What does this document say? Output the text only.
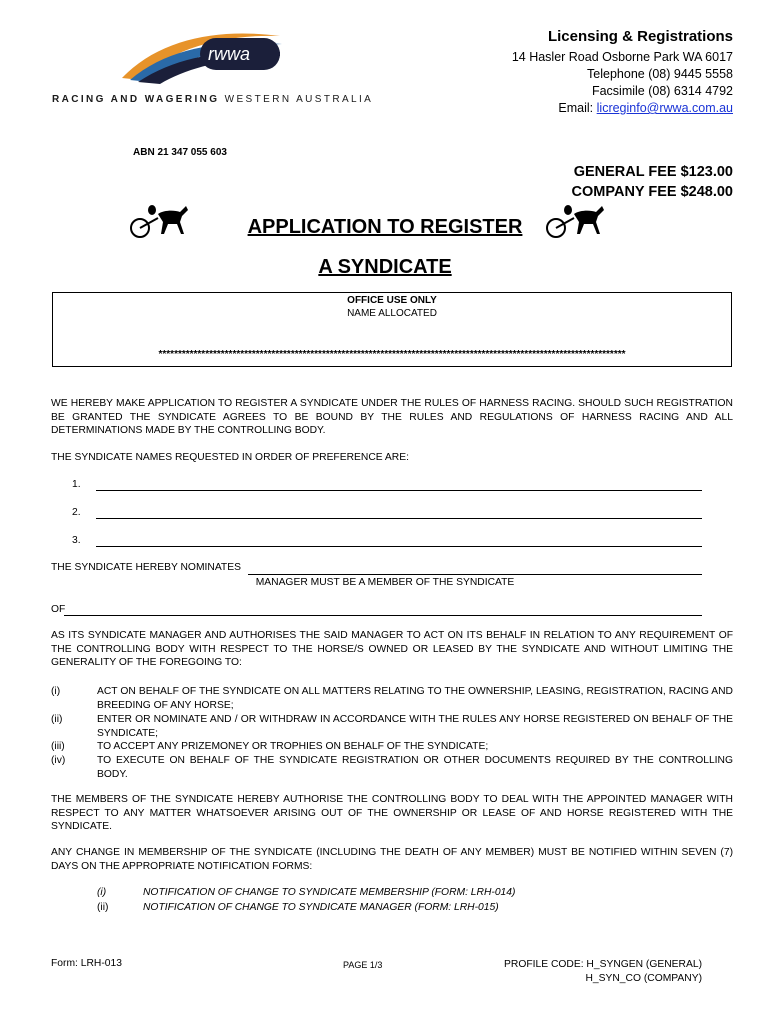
rwwa
RACING AND WAGERING WESTERN AUSTRALIA
Licensing & Registrations
14 Hasler Road Osborne Park WA 6017
Telephone (08) 9445 5558
Facsimile (08) 6314 4792
Email: licreginfo@rwwa.com.au
ABN 21 347 055 603
GENERAL FEE $123.00
COMPANY FEE $248.00
APPLICATION TO REGISTER
A SYNDICATE
OFFICE USE ONLY
NAME ALLOCATED
************************************************************************************************************************
WE HEREBY MAKE APPLICATION TO REGISTER A SYNDICATE UNDER THE RULES OF HARNESS RACING. SHOULD SUCH REGISTRATION BE GRANTED THE SYNDICATE AGREES TO BE BOUND BY THE RULES AND REGULATIONS OF HARNESS RACING AND ALL DETERMINATIONS MADE BY THE CONTROLLING BODY.
THE SYNDICATE NAMES REQUESTED IN ORDER OF PREFERENCE ARE:
1.
2.
3.
THE SYNDICATE HEREBY NOMINATES
MANAGER MUST BE A MEMBER OF THE SYNDICATE
OF
AS ITS SYNDICATE MANAGER AND AUTHORISES THE SAID MANAGER TO ACT ON ITS BEHALF IN RELATION TO ANY REQUIREMENT OF THE CONTROLLING BODY WITH RESPECT TO THE HORSE/S OWNED OR LEASED BY THE SYNDICATE AND WITHOUT LIMITING THE GENERALITY OF THE FOREGOING TO:
(i)	ACT ON BEHALF OF THE SYNDICATE ON ALL MATTERS RELATING TO THE OWNERSHIP, LEASING, REGISTRATION, RACING AND BREEDING OF ANY HORSE;
(ii)	ENTER OR NOMINATE AND / OR WITHDRAW IN ACCORDANCE WITH THE RULES ANY HORSE REGISTERED ON BEHALF OF THE SYNDICATE;
(iii)	TO ACCEPT ANY PRIZEMONEY OR TROPHIES ON BEHALF OF THE SYNDICATE;
(iv)	TO EXECUTE ON BEHALF OF THE SYNDICATE REGISTRATION OR OTHER DOCUMENTS REQUIRED BY THE CONTROLLING BODY.
THE MEMBERS OF THE SYNDICATE HEREBY AUTHORISE THE CONTROLLING BODY TO DEAL WITH THE APPOINTED MANAGER WITH RESPECT TO ANY MATTER WHATSOEVER ARISING OUT OF THE OWNERSHIP OR LEASE OF AND HORSE REGISTERED WITH THE SYNDICATE.
ANY CHANGE IN MEMBERSHIP OF THE SYNDICATE (INCLUDING THE DEATH OF ANY MEMBER) MUST BE NOTIFIED WITHIN SEVEN (7) DAYS ON THE APPROPRIATE NOTIFICATION FORMS:
(i)	NOTIFICATION OF CHANGE TO SYNDICATE MEMBERSHIP (FORM: LRH-014)
(ii)	NOTIFICATION OF CHANGE TO SYNDICATE MANAGER (FORM: LRH-015)
Form: LRH-013	PAGE 1/3	PROFILE CODE: H_SYNGEN (GENERAL)
H_SYN_CO (COMPANY)
